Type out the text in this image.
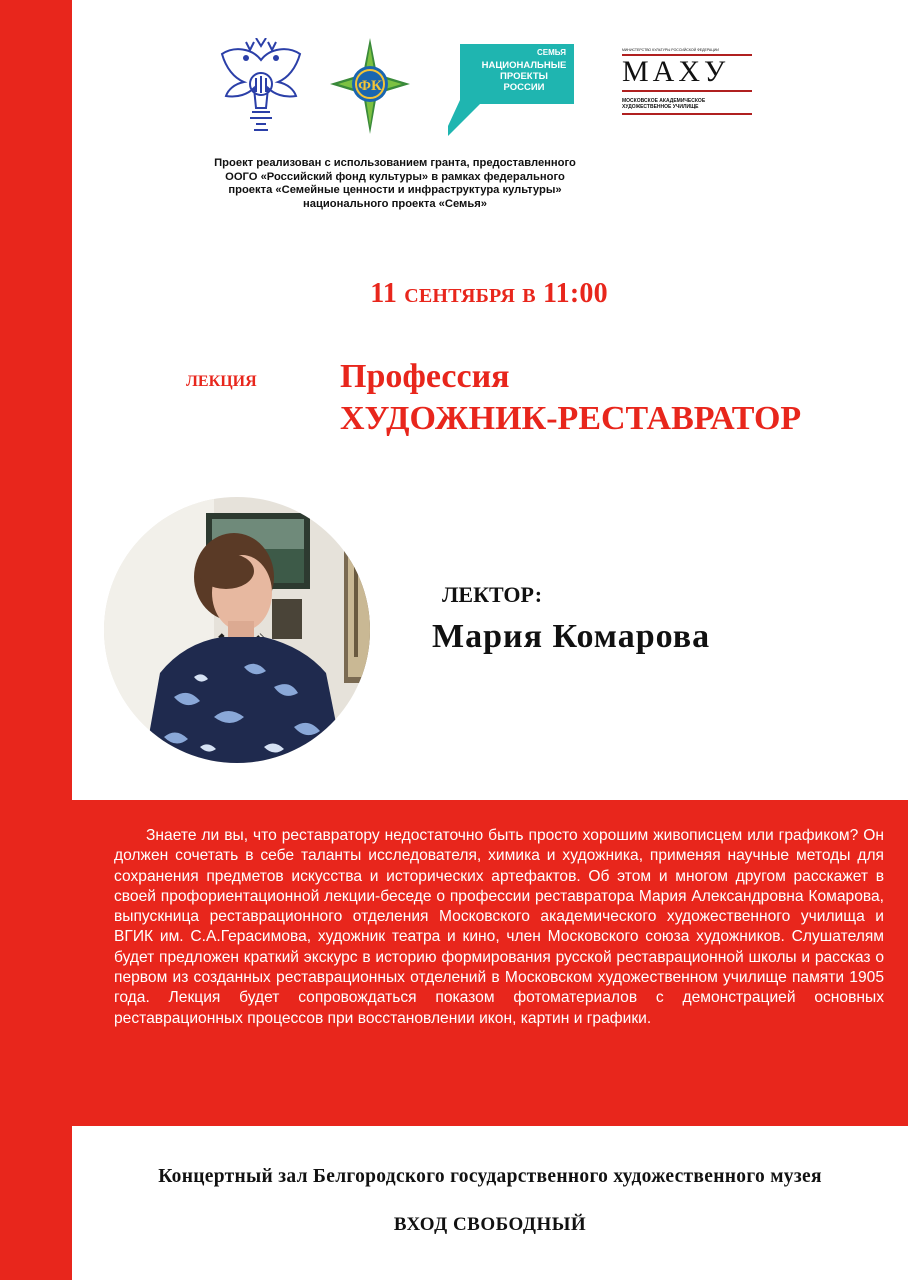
ФК
СЕМЬЯ
НАЦИОНАЛЬНЫЕ
ПРОЕКТЫ
РОССИИ
МИНИСТЕРСТВО КУЛЬТУРЫ РОССИЙСКОЙ ФЕДЕРАЦИИ
МАХУ
МОСКОВСКОЕ АКАДЕМИЧЕСКОЕ
ХУДОЖЕСТВЕННОЕ УЧИЛИЩЕ
Проект реализован с использованием гранта, предоставленного
ООГО «Российский фонд культуры» в рамках федерального
проекта «Семейные ценности и инфраструктура культуры»
национального проекта «Семья»
11 сентября в 11:00
лекция Профессия
ХУДОЖНИК-РЕСТАВРАТОР
ЛЕКТОР:
Мария Комарова

Знаете ли вы, что реставратору недостаточно быть просто хорошим живописцем или графиком? Он должен сочетать в себе таланты исследователя, химика и художника, применяя научные методы для сохранения предметов искусства и исторических артефактов. Об этом и многом другом расскажет в своей профориентационной лекции-беседе о профессии реставратора Мария Александровна Комарова, выпускница реставрационного отделения Московского академического художественного училища и ВГИК им. С.А.Герасимова, художник театра и кино, член Московского союза художников. Слушателям будет предложен краткий экскурс в историю формирования русской реставрационной школы и рассказ о первом из созданных реставрационных отделений в Московском художественном училище памяти 1905 года. Лекция будет сопровождаться показом фотоматериалов с демонстрацией основных реставрационных процессов при восстановлении икон, картин и графики.

Концертный зал Белгородского государственного художественного музея
ВХОД СВОБОДНЫЙ
